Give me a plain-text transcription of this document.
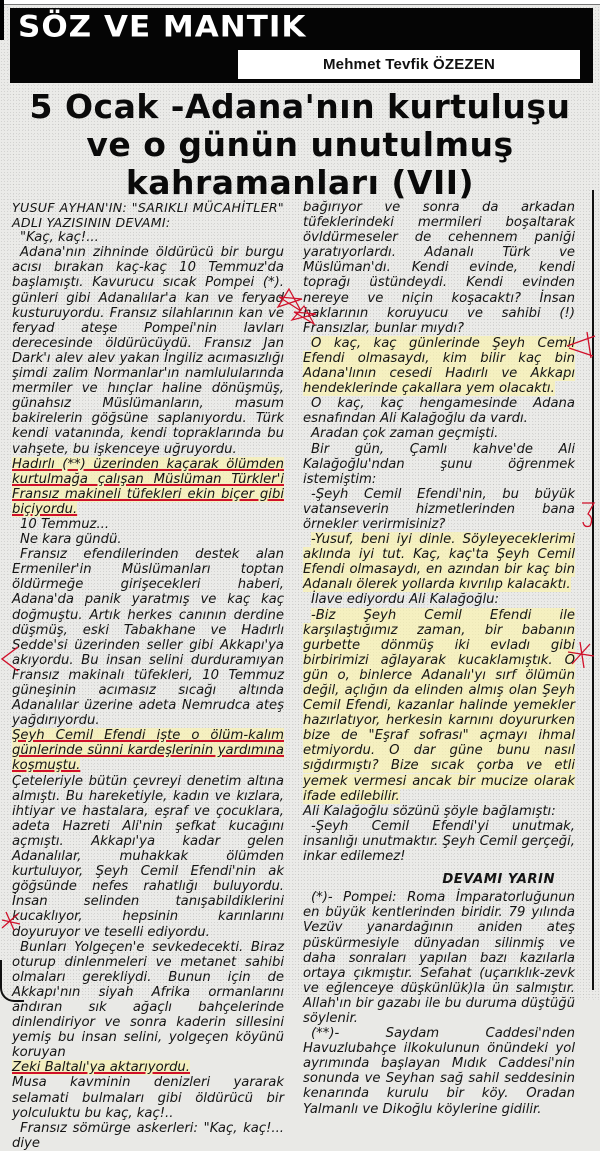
SÖZ VE MANTIK
Mehmet Tevfik ÖZEZEN
5 Ocak -Adana'nın kurtuluşu
ve o günün unutulmuş
kahramanları (VII)

YUSUF AYHAN'IN: "SARIKLI MÜCAHİTLER" ADLI YAZISININ DEVAMI:

"Kaç, kaç!...

Adana'nın zihninde öldürücü bir burgu acısı bırakan kaç-kaç 10 Temmuz'da başlamıştı. Kavurucu sıcak Pompei (*). günleri gibi Adanalılar'a kan ve feryad kusturuyordu. Fransız silahlarının kan ve feryad ateşe Pompei'nin lavları derecesinde öldürücüydü. Fransız Jan Dark'ı alev alev yakan İngiliz acımasızlığı şimdi zalim Normanlar'ın namlulularında mermiler ve hınçlar haline dönüşmüş, günahsız Müslümanların, masum bakirelerin göğsüne saplanıyordu. Türk kendi vatanında, kendi topraklarında bu vahşete, bu işkenceye uğruyordu.

Hadırlı (**) üzerinden kaçarak ölümden kurtulmağa çalışan Müslüman Türkler'i Fransız makineli tüfekleri ekin biçer gibi biçiyordu.

10 Temmuz...

Ne kara gündü.

Fransız efendilerinden destek alan Ermeniler'in Müslümanları toptan öldürmeğe girişecekleri haberi, Adana'da panik yaratmış ve kaç kaç doğmuştu. Artık herkes canının derdine düşmüş, eski Tabakhane ve Hadırlı Sedde'si üzerinden seller gibi Akkapı'ya akıyordu. Bu insan selini durduramıyan Fransız makinalı tüfekleri, 10 Temmuz güneşinin acımasız sıcağı altında Adanalılar üzerine adeta Nemrudca ateş yağdırıyordu.

Şeyh Cemil Efendi işte o ölüm-kalım günlerinde sünni kardeşlerinin yardımına koşmuştu.

Çeteleriyle bütün çevreyi denetim altına almıştı. Bu hareketiyle, kadın ve kızlara, ihtiyar ve hastalara, eşraf ve çocuklara, adeta Hazreti Ali'nin şefkat kucağını açmıştı. Akkapı'ya kadar gelen Adanalılar, muhakkak ölümden kurtuluyor, Şeyh Cemil Efendi'nin ak göğsünde nefes rahatlığı buluyordu. İnsan selinden tanışabildiklerini kucaklıyor, hepsinin karınlarını doyuruyor ve teselli ediyordu.

Bunları Yolgeçen'e sevkedecekti. Biraz oturup dinlenmeleri ve metanet sahibi olmaları gerekliydi. Bunun için de Akkapı'nın siyah Afrika ormanlarını andıran sık ağaçlı bahçelerinde dinlendiriyor ve sonra kaderin sillesini yemiş bu insan selini, yolgeçen köyünü koruyan

Zeki Baltalı'ya aktarıyordu.

Musa kavminin denizleri yararak selamati bulmaları gibi öldürücü bir yolculuktu bu kaç, kaç!..

Fransız sömürge askerleri: "Kaç, kaç!... diye

bağırıyor ve sonra da arkadan tüfeklerindeki mermileri boşaltarak övldürmeseler de cehennem paniği yaratıyorlardı. Adanalı Türk ve Müslüman'dı. Kendi evinde, kendi toprağı üstündeydi. Kendi evinden nereye ve niçin koşacaktı? İnsan haklarının koruyucu ve sahibi (!) Fransızlar, bunlar mıydı?

O kaç, kaç günlerinde Şeyh Cemil Efendi olmasaydı, kim bilir kaç bin Adana'lının cesedi Hadırlı ve Akkapı hendeklerinde çakallara yem olacaktı.

O kaç, kaç hengamesinde Adana esnafından Ali Kalağoğlu da vardı.

Aradan çok zaman geçmişti.

Bir gün, Çamlı kahve'de Ali Kalağoğlu'ndan şunu öğrenmek istemiştim:

-Şeyh Cemil Efendi'nin, bu büyük vatanseverin hizmetlerinden bana örnekler verirmisiniz?

-Yusuf, beni iyi dinle. Söyleyeceklerimi aklında iyi tut. Kaç, kaç'ta Şeyh Cemil Efendi olmasaydı, en azından bir kaç bin Adanalı ölerek yollarda kıvrılıp kalacaktı.

İlave ediyordu Ali Kalağoğlu:

-Biz Şeyh Cemil Efendi ile karşılaştığımız zaman, bir babanın gurbette dönmüş iki evladı gibi birbirimizi ağlayarak kucaklamıştık. O gün o, binlerce Adanalı'yı sırf ölümün değil, açlığın da elinden almış olan Şeyh Cemil Efendi, kazanlar halinde yemekler hazırlatıyor, herkesin karnını doyururken bize de "Eşraf sofrası" açmayı ihmal etmiyordu. O dar güne bunu nasıl sığdırmıştı? Bize sıcak çorba ve etli yemek vermesi ancak bir mucize olarak ifade edilebilir.

Ali Kalağoğlu sözünü şöyle bağlamıştı:

-Şeyh Cemil Efendi'yi unutmak, insanlığı unutmaktır. Şeyh Cemil gerçeği, inkar edilemez!

DEVAMI YARIN

(*)- Pompei: Roma İmparatorluğunun en büyük kentlerinden biridir. 79 yılında Vezüv yanardağının aniden ateş püskürmesiyle dünyadan silinmiş ve daha sonraları yapılan bazı kazılarla ortaya çıkmıştır. Sefahat (uçarıklık-zevk ve eğlenceye düşkünlük)la ün salmıştır. Allah'ın bir gazabı ile bu duruma düştüğü söylenir.

(**)- Saydam Caddesi'nden Havuzlubahçe ilkokulunun önündeki yol ayrımında başlayan Mıdık Caddesi'nin sonunda ve Seyhan sağ sahil seddesinin kenarında kurulu bir köy. Oradan Yalmanlı ve Dikoğlu köylerine gidilir.
